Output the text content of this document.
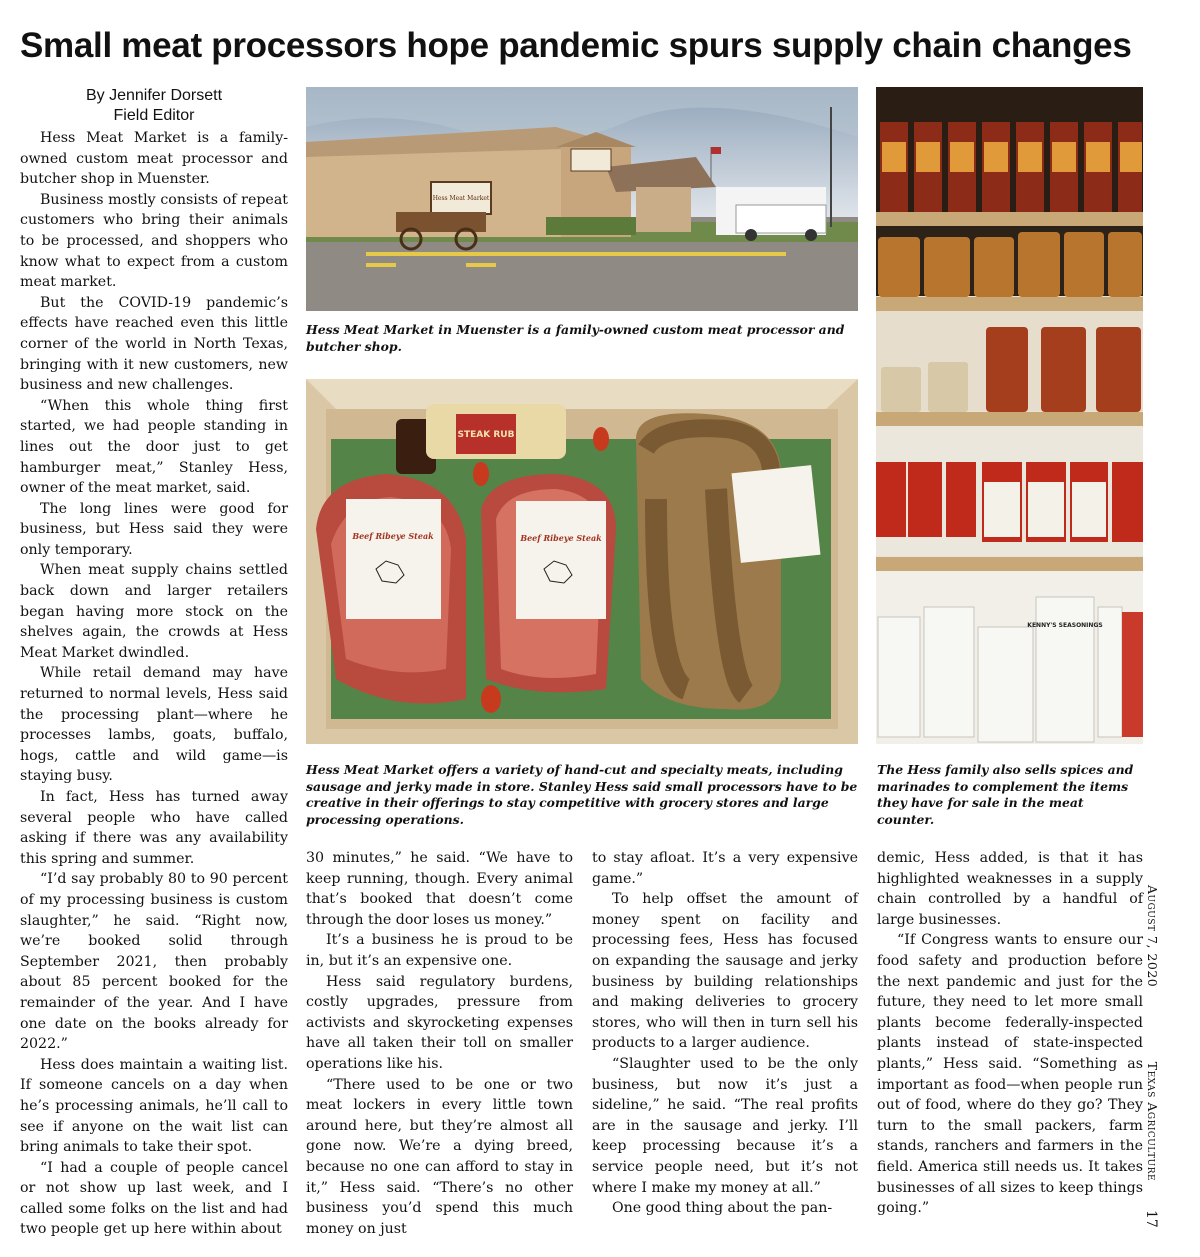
Small meat processors hope pandemic spurs supply chain changes
By Jennifer Dorsett
Field Editor

Hess Meat Market is a family-owned custom meat processor and butcher shop in Muenster.

Business mostly consists of repeat customers who bring their animals to be processed, and shoppers who know what to expect from a custom meat market.

But the COVID-19 pandemic’s effects have reached even this little corner of the world in North Texas, bringing with it new customers, new business and new challenges.

“When this whole thing first started, we had people standing in lines out the door just to get hamburger meat,” Stanley Hess, owner of the meat market, said.

The long lines were good for business, but Hess said they were only temporary.

When meat supply chains settled back down and larger retailers began having more stock on the shelves again, the crowds at Hess Meat Market dwindled.

While retail demand may have returned to normal levels, Hess said the processing plant—where he processes lambs, goats, buffalo, hogs, cattle and wild game—is staying busy.

In fact, Hess has turned away several people who have called asking if there was any availability this spring and summer.

“I’d say probably 80 to 90 percent of my processing business is custom slaughter,” he said. “Right now, we’re booked solid through September 2021, then probably about 85 percent booked for the remainder of the year. And I have one date on the books already for 2022.”

Hess does maintain a waiting list. If someone cancels on a day when he’s processing animals, he’ll call to see if anyone on the wait list can bring animals to take their spot.

“I had a couple of people cancel or not show up last week, and I called some folks on the list and had two people get up here within about

30 minutes,” he said. “We have to keep running, though. Every animal that’s booked that doesn’t come through the door loses us money.”

It’s a business he is proud to be in, but it’s an expensive one.

Hess said regulatory burdens, costly upgrades, pressure from activists and skyrocketing expenses have all taken their toll on smaller operations like his.

“There used to be one or two meat lockers in every little town around here, but they’re almost all gone now. We’re a dying breed, because no one can afford to stay in it,” Hess said. “There’s no other business you’d spend this much money on just

to stay afloat. It’s a very expensive game.”

To help offset the amount of money spent on facility and processing fees, Hess has focused on expanding the sausage and jerky business by building relationships and making deliveries to grocery stores, who will then in turn sell his products to a larger audience.

“Slaughter used to be the only business, but now it’s just a sideline,” he said. “The real profits are in the sausage and jerky. I’ll keep processing because it’s a service people need, but it’s not where I make my money at all.”

One good thing about the pan-

demic, Hess added, is that it has highlighted weaknesses in a supply chain controlled by a handful of large businesses.

“If Congress wants to ensure our food safety and production before the next pandemic and just for the future, they need to let more small plants become federally-inspected plants instead of state-inspected plants,” Hess said. “Something as important as food—when people run out of food, where do they go? They turn to the small packers, farm stands, ranchers and farmers in the field. America still needs us. It takes businesses of all sizes to keep things going.”

Hess Meat Market
Hess Meat Market in Muenster is a family-owned custom meat processor and butcher shop.
STEAK RUB
Beef Ribeye Steak	Beef Ribeye Steak
Hess Meat Market offers a variety of hand-cut and specialty meats, including sausage and jerky made in store. Stanley Hess said small processors have to be creative in their offerings to stay competitive with grocery stores and large processing operations.
KENNY'S SEASONINGS
The Hess family also sells spices and marinades to complement the items they have for sale in the meat counter.
August 7, 2020 Texas Agriculture
17
